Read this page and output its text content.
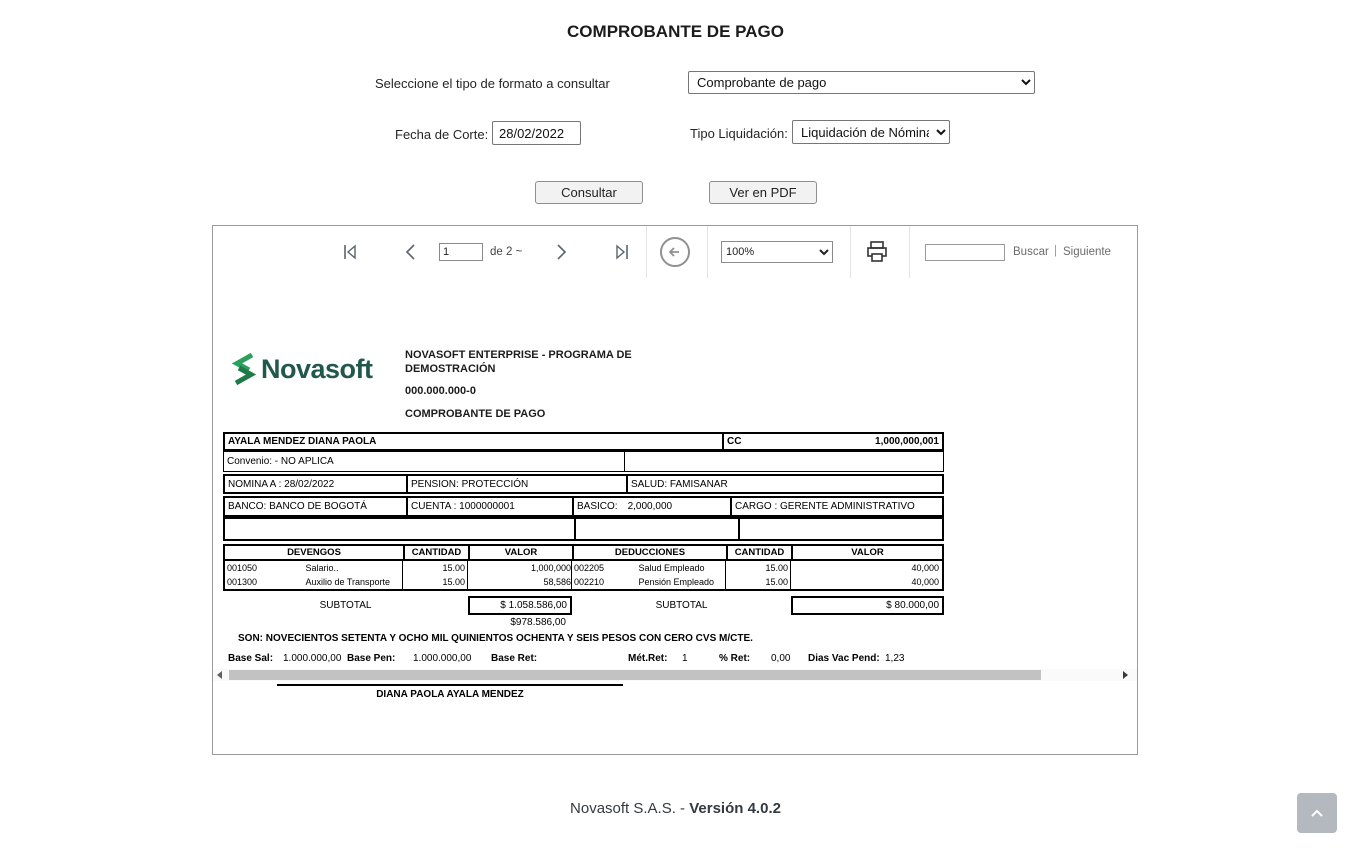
COMPROBANTE DE PAGO
Seleccione el tipo de formato a consultar
Comprobante de pago
Fecha de Corte:
28/02/2022	Tipo Liquidación:
Liquidación de Nómina
Consultar	Ver en PDF
1
de 2 ~
100%	Buscar | Siguiente
Novasoft	NOVASOFT ENTERPRISE - PROGRAMA DE DEMOSTRACIÓN
000.000.000-0
COMPROBANTE DE PAGO
AYALA MENDEZ DIANA PAOLA	CC	1,000,000,001
Convenio: - NO APLICA
NOMINA A : 28/02/2022	PENSION: PROTECCIÓN	SALUD: FAMISANAR
BANCO: BANCO DE BOGOTÁ	CUENTA : 1000000001	BASICO: 2,000,000	CARGO : GERENTE ADMINISTRATIVO
DEVENGOS	CANTIDAD	VALOR	DEDUCCIONES	CANTIDAD	VALOR
001050	Salario..	15.00	1,000,000 002205	Salud Empleado	15.00	40,000
001300	Auxilio de Transporte	15.00	58,586 002210	Pensión Empleado	15.00	40,000
SUBTOTAL	$ 1.058.586,00	SUBTOTAL	$ 80.000,00
$978.586,00
SON: NOVECIENTOS SETENTA Y OCHO MIL QUINIENTOS OCHENTA Y SEIS PESOS CON CERO CVS M/CTE.
Base Sal: 1.000.000,00 Base Pen: 1.000.000,00 Base Ret:	Mét.Ret: 1	% Ret: 0,00 Dias Vac Pend: 1,23
DIANA PAOLA AYALA MENDEZ
Novasoft S.A.S. - Versión 4.0.2
